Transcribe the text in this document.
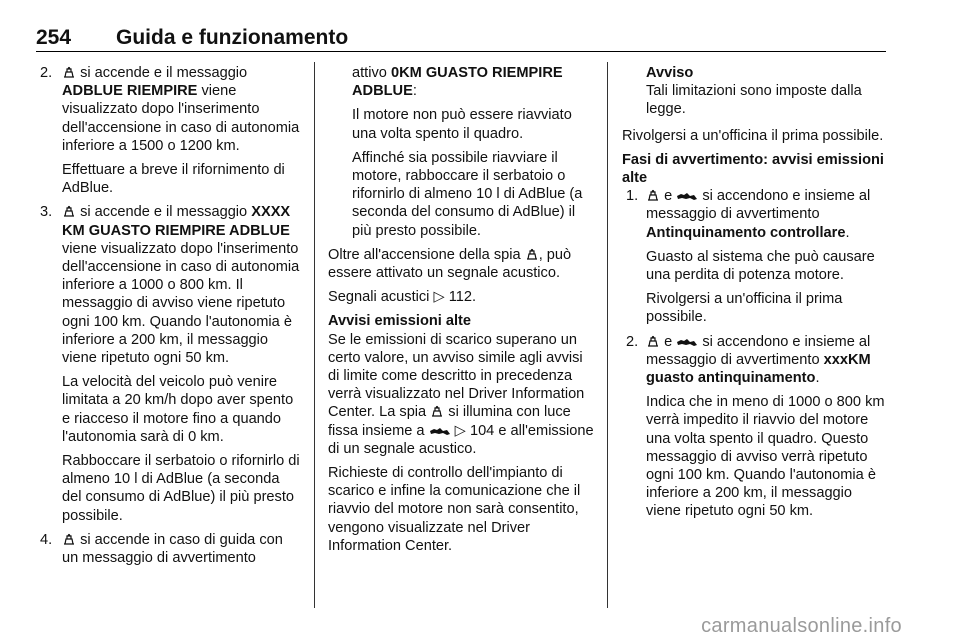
254 Guida e funzionamento
2.	si accende e il messaggio ADBLUE RIEMPIRE viene visualizzato dopo l'inserimento dell'accensione in caso di autonomia inferiore a 1500 o 1200 km.

Effettuare a breve il rifornimento di AdBlue.

3.	si accende e il messaggio XXXX KM GUASTO RIEMPIRE ADBLUE viene visualizzato dopo l'inserimento dell'accensione in caso di autonomia inferiore a 1000 o 800 km. Il messaggio di avviso viene ripetuto ogni 100 km. Quando l'autonomia è inferiore a 200 km, il messaggio viene ripetuto ogni 50 km.

La velocità del veicolo può venire limitata a 20 km/h dopo aver spento e riacceso il motore fino a quando l'autonomia sarà di 0 km.

Rabboccare il serbatoio o rifornirlo di almeno 10 l di AdBlue (a seconda del consumo di AdBlue) il più presto possibile.

4.	si accende in caso di guida con un messaggio di avvertimento

attivo 0KM GUASTO RIEMPIRE ADBLUE:

Il motore non può essere riavviato una volta spento il quadro.

Affinché sia possibile riavviare il motore, rabboccare il serbatoio o rifornirlo di almeno 10 l di AdBlue (a seconda del consumo di AdBlue) il più presto possibile.

Oltre all'accensione della spia , può essere attivato un segnale acustico.

Segnali acustici ▷ 112.

Avvisi emissioni alte

Se le emissioni di scarico superano un certo valore, un avviso simile agli avvisi di limite come descritto in precedenza verrà visualizzato nel Driver Information Center. La spia si illumina con luce fissa insieme a ▷ 104 e all'emissione di un segnale acustico.

Richieste di controllo dell'impianto di scarico e infine la comunicazione che il riavvio del motore non sarà consentito, vengono visualizzate nel Driver Information Center.

Avviso

Tali limitazioni sono imposte dalla legge.

Rivolgersi a un'officina il prima possibile.

Fasi di avvertimento: avvisi emissioni alte

1.	e si accendono e insieme al messaggio di avvertimento Antinquinamento controllare.

Guasto al sistema che può causare una perdita di potenza motore.

Rivolgersi a un'officina il prima possibile.

2.	e si accendono e insieme al messaggio di avvertimento xxxKM guasto antinquinamento.

Indica che in meno di 1000 o 800 km verrà impedito il riavvio del motore una volta spento il quadro. Questo messaggio di avviso verrà ripetuto ogni 100 km. Quando l'autonomia è inferiore a 200 km, il messaggio viene ripetuto ogni 50 km.

carmanualsonline.info
